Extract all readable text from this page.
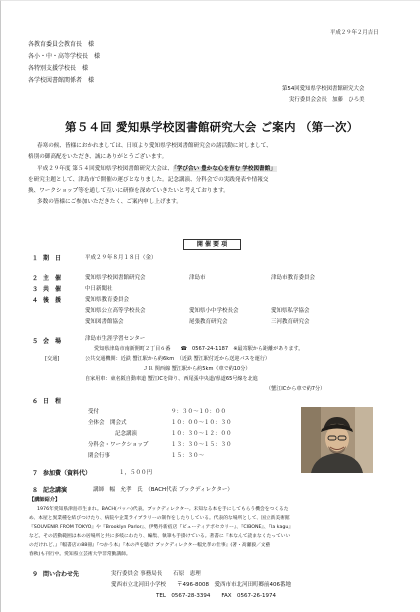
平成２９年２月吉日
各教育委員会教育長　様
各小・中・高等学校長　様
各特別支援学校長　様
各学校図書館関係者　様
第54回愛知県学校図書館研究大会
実行委員会会長　加藤　ひろ美
第５４回 愛知県学校図書館研究大会 ご案内 （第一次）
春寒の候、皆様におかれましては、日頃より愛知県学校図書館研究会の諸活動に対しまして、
格別の御高配をいただき、誠にありがとうございます。
平成２９年度 第５４回愛知県学校図書館研究大会は、「学び合い 豊かな心を育む 学校図書館」
を研究主題として、津島市で開催の運びとなりました。記念講演、分科会での実践発表や情報交
換、ワークショップ等を通して互いに研修を深めていきたいと考えております。
多数の皆様にご参加いただきたく、ご案内申し上げます。
開 催 要 項
１ 期　日	平成２９年８月１８日（金）
２ 主　催	愛知県学校図書館研究会	津島市	津島市教育委員会
３ 共　催	中日新聞社
４ 後　援	愛知県教育委員会
愛知県公立高等学校長会	愛知県小中学校長会	愛知県私学協会
愛知図書館協会	尾張教育研究会	三河教育研究会
５ 会　場	津島市生涯学習センター
愛知県津島市南新開町２丁目６番　　☎　0567-24-1187　※最寄駅から距離があります。
[交通]	公共交通機関：近鉄 蟹江駅から約6km　（近鉄 蟹江駅付近から送迎バスを運行）
ＪＲ 関西線 蟹江駅から約5km（車で約10分）
自家用車：東名阪自動車道 蟹江ICを降り、西尾張中央道/県道65号線を北進
（蟹江ICから車で約7分）
６ 日　程
受付	９：３０～１０：００
全体会　開会式	１０：００～１０：３０
記念講演	１０：３０～１２：００
分科会・ワークショップ	１３：３０～１５：３０
閉会行事	１５：３０～
７ 参加費（資料代）	１，５００円
８ 記念講演	講師　幅　允孝　氏　（BACH代表 ブックディレクター）
【講師紹介】
1976年愛知県津島市生まれ。BACH(バッハ)代表。ブックディレクター。未知なる本を手にしてもらう機会をつくるた
め、本屋と異業種を結びつけたり、病院や企業ライブラリーの制作をしたりしている。代表的な場所として、国立新美術館
『SOUVENIR FROM TOKYO』や『Brooklyn Parlor』、伊勢丹新宿店『ビューティアポセカリー』、『CIBONE』、『la kagu』
など。その活動範囲は本の居場所と共に多岐にわたり、編集、執筆も手掛けている。著書に『本なんて読まなくたっていい
のだけれど、』『幅書店の88冊』『つかう本』『本の声を聴け ブックディレクター幅允孝の仕事』(著・高瀬毅／文藝
春秋)も刊行中。愛知県立芸術大学非常勤講師。
９ 問い合わせ先	実行委員会 事務局長　　石原　恵理
愛西市立北河田小学校　　〒496-8008　愛西市市北河田町郷前406番地
TEL　0567-28-3394　　FAX　0567-26-1974
